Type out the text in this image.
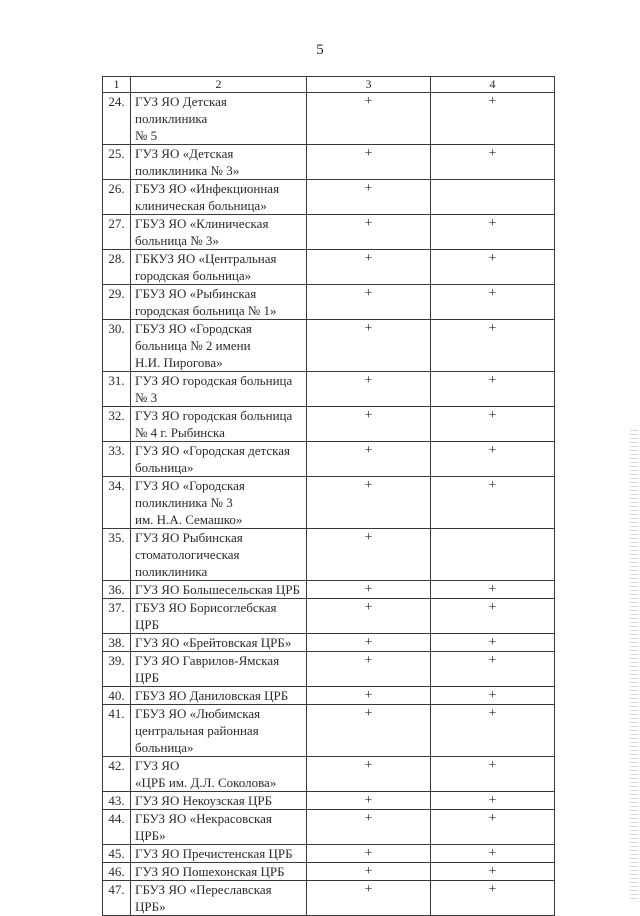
5
1	2	3	4
24.	ГУЗ ЯО Детская поликлиника
№ 5	+	+
25.	ГУЗ ЯО «Детская
поликлиника № 3»	+	+
26.	ГБУЗ ЯО «Инфекционная
клиническая больница»	+	
27.	ГБУЗ ЯО «Клиническая
больница № 3»	+	+
28.	ГБКУЗ ЯО «Центральная
городская больница»	+	+
29.	ГБУЗ ЯО «Рыбинская
городская больница № 1»	+	+
30.	ГБУЗ ЯО «Городская
больница № 2 имени
Н.И. Пирогова»	+	+
31.	ГУЗ ЯО городская больница
№ 3	+	+
32.	ГУЗ ЯО городская больница
№ 4 г. Рыбинска	+	+
33.	ГУЗ ЯО «Городская детская
больница»	+	+
34.	ГУЗ ЯО «Городская
поликлиника № 3
им. Н.А. Семашко»	+	+
35.	ГУЗ ЯО Рыбинская
стоматологическая
поликлиника	+	
36.	ГУЗ ЯО Большесельская ЦРБ	+	+
37.	ГБУЗ ЯО Борисоглебская ЦРБ	+	+
38.	ГУЗ ЯО «Брейтовская ЦРБ»	+	+
39.	ГУЗ ЯО Гаврилов-Ямская ЦРБ	+	+
40.	ГБУЗ ЯО Даниловская ЦРБ	+	+
41.	ГБУЗ ЯО «Любимская
центральная районная
больница»	+	+
42.	ГУЗ ЯО
«ЦРБ им. Д.Л. Соколова»	+	+
43.	ГУЗ ЯО Некоузская ЦРБ	+	+
44.	ГБУЗ ЯО «Некрасовская ЦРБ»	+	+
45.	ГУЗ ЯО Пречистенская ЦРБ	+	+
46.	ГУЗ ЯО Пошехонская ЦРБ	+	+
47.	ГБУЗ ЯО «Переславская ЦРБ»	+	+
